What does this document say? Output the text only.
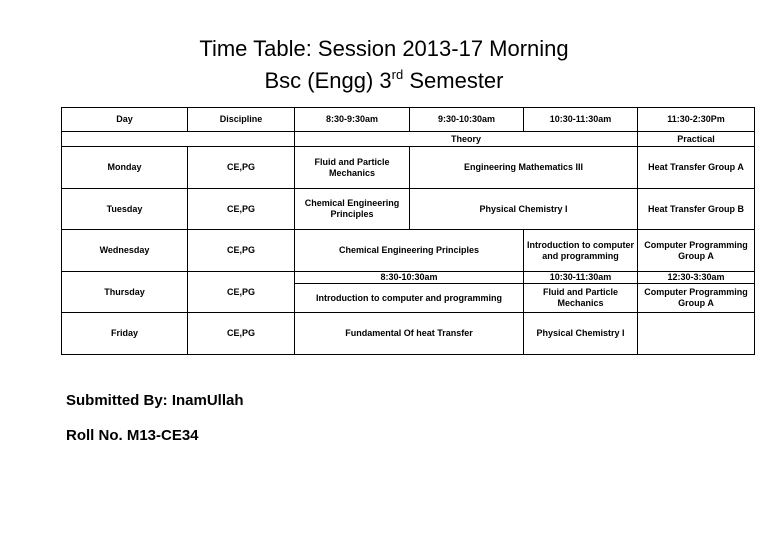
Time Table: Session 2013-17 Morning
Bsc (Engg) 3rd Semester
Day	Discipline	8:30-9:30am	9:30-10:30am	10:30-11:30am	11:30-2:30Pm
		Theory			Practical
Monday	CE,PG	Fluid and Particle Mechanics	Engineering Mathematics III		Heat Transfer Group A
Tuesday	CE,PG	Chemical Engineering Principles	Physical Chemistry I		Heat Transfer Group B
Wednesday	CE,PG	Chemical Engineering Principles		Introduction to computer and programming	Computer Programming Group A
Thursday	CE,PG	8:30-10:30am		10:30-11:30am	12:30-3:30am
		Introduction to computer and programming		Fluid and Particle Mechanics	Computer Programming Group A
Friday	CE,PG	Fundamental Of heat Transfer		Physical Chemistry I	
Submitted By: InamUllah
Roll No. M13-CE34
